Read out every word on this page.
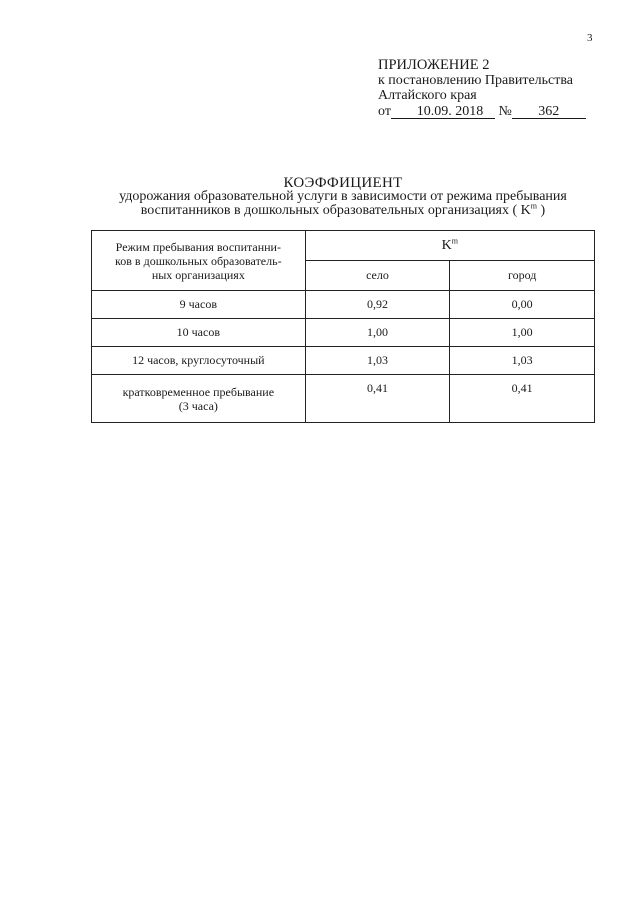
3
ПРИЛОЖЕНИЕ 2
к постановлению Правительства
Алтайского края
от 10.09. 2018 № 362
КОЭФФИЦИЕНТ
удорожания образовательной услуги в зависимости от режима пребывания
воспитанников в дошкольных образовательных организациях ( $K^m$ )
Режим пребывания воспитанни-
ков в дошкольных образователь-
ных организациях	$K^m$
	село	город
9 часов	0,92	0,00
10 часов	1,00	1,00
12 часов, круглосуточный	1,03	1,03

кратковременное пребывание
(3 часа)	0,41	0,41
